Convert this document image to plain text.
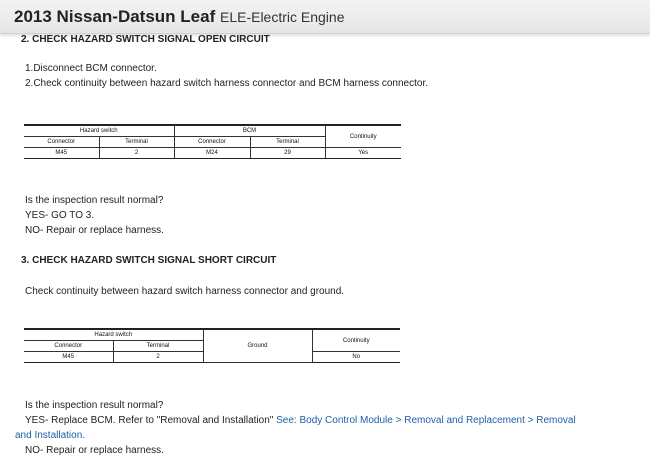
2013 Nissan-Datsun Leaf ELE-Electric Engine
2. CHECK HAZARD SWITCH SIGNAL OPEN CIRCUIT
1.Disconnect BCM connector.
2.Check continuity between hazard switch harness connector and BCM harness connector.
Hazard switch		BCM		Continuity
Connector	Terminal	Connector	Terminal	
M45	2	M24	29	Yes
Is the inspection result normal?
YES- GO TO 3.
NO- Repair or replace harness.
3. CHECK HAZARD SWITCH SIGNAL SHORT CIRCUIT
Check continuity between hazard switch harness connector and ground.
Hazard switch		Ground	Continuity
Connector	Terminal		
M45	2		No
Is the inspection result normal?
YES- Replace BCM. Refer to "Removal and Installation" See: Body Control Module > Removal and Replacement > Removal
and Installation.
NO- Repair or replace harness.
